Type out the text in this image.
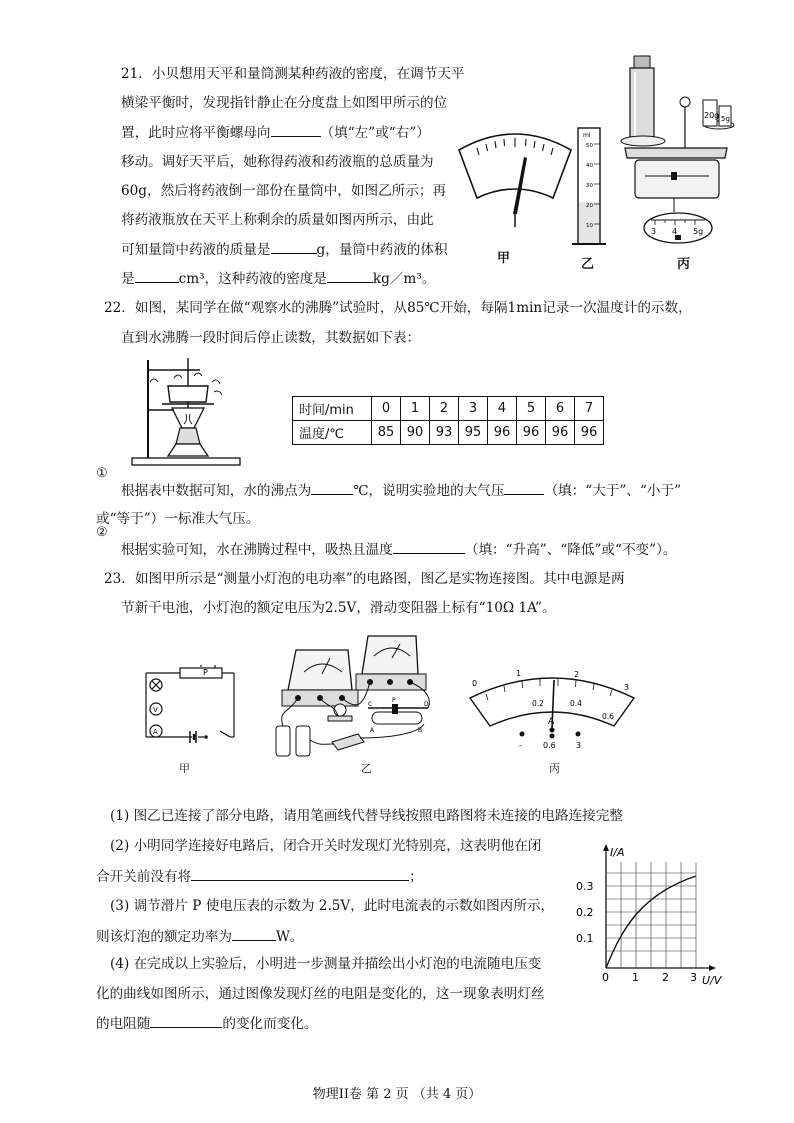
21．小贝想用天平和量筒测某种药液的密度，在调节天平
横梁平衡时，发现指针静止在分度盘上如图甲所示的位
置，此时应将平衡螺母向	（填“左”或“右”）
移动。调好天平后，她称得药液和药液瓶的总质量为
60g，然后将药液倒一部份在量筒中，如图乙所示；再
将药液瓶放在天平上称剩余的质量如图丙所示，由此
可知量筒中药液的质量是	g，量筒中药液的体积
是	cm³，这种药液的密度是	kg／m³。
甲
ml
50
40
30
20
10
乙
20g 5g
3 4 5g
丙
22．如图，某同学在做“观察水的沸腾”试验时，从85℃开始，每隔1min记录一次温度计的示数，
直到水沸腾一段时间后停止读数，其数据如下表：
时间/min	0	1	2	3	4	5	6	7
温度/℃	85	90	93	95	96	96	96	96
①
根据表中数据可知，水的沸点为	℃，说明实验地的大气压	（填：“大于”、“小于”
或“等于”）一标准大气压。
②
根据实验可知，水在沸腾过程中，吸热且温度	（填：“升高”、“降低”或“不变”）。
23．如图甲所示是“测量小灯泡的电功率”的电路图，图乙是实物连接图。其中电源是两
节新干电池，小灯泡的额定电压为2.5V，滑动变阻器上标有“10Ω 1A”。
P
V
A
甲
C
P
D
A	B
乙
0
1	2
3
0.2	0.4
0.6
A
-	0.6	3
丙
(1) 图乙已连接了部分电路，请用笔画线代替导线按照电路图将未连接的电路连接完整
(2) 小明同学连接好电路后，闭合开关时发现灯光特别亮，这表明他在闭
合开关前没有将	；
(3) 调节滑片 P 使电压表的示数为 2.5V，此时电流表的示数如图丙所示，
则该灯泡的额定功率为	W。
(4) 在完成以上实验后，小明进一步测量并描绘出小灯泡的电流随电压变
化的曲线如图所示，通过图像发现灯丝的电阻是变化的，这一现象表明灯丝
的电阻随	的变化而变化。
I/A
U/V
0.3
0.2
0.1
0 1 2 3
物理II卷 第 2 页 （共 4 页）
